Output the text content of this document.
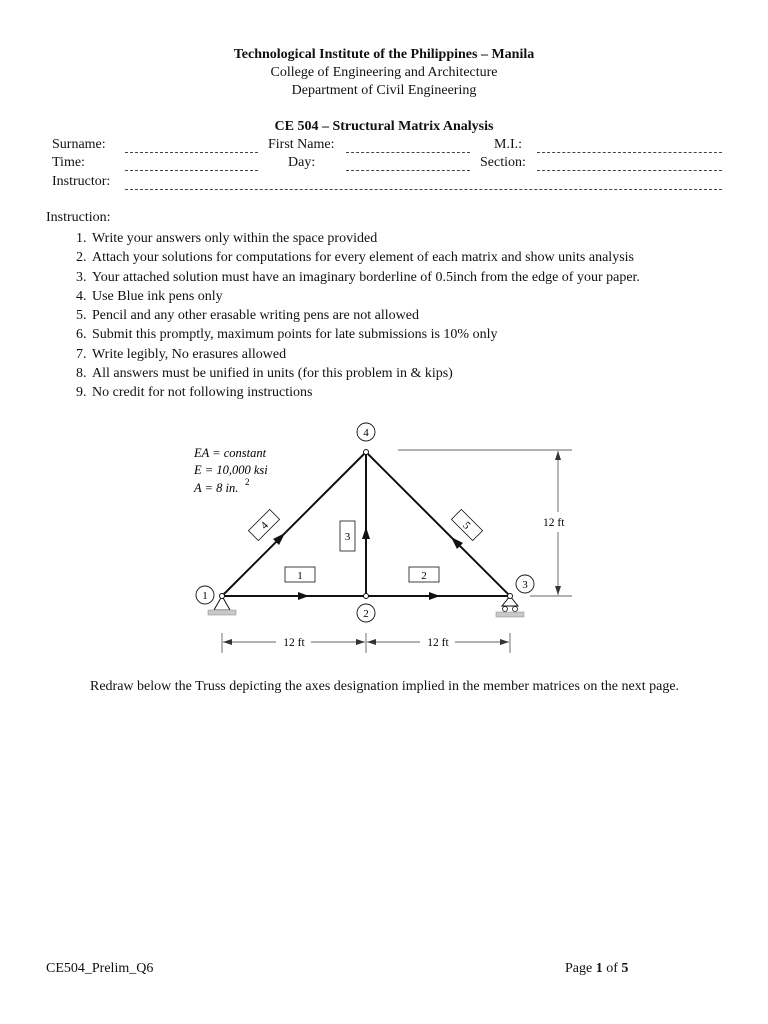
Technological Institute of the Philippines – Manila
College of Engineering and Architecture
Department of Civil Engineering
CE 504 – Structural Matrix Analysis
Surname:	First Name:	M.I.:
Time:	Day:	Section:
Instructor:
Instruction:
1. Write your answers only within the space provided
2. Attach your solutions for computations for every element of each matrix and show units analysis
3. Your attached solution must have an imaginary borderline of 0.5inch from the edge of your paper.
4. Use Blue ink pens only
5. Pencil and any other erasable writing pens are not allowed
6. Submit this promptly, maximum points for late submissions is 10% only
7. Write legibly, No erasures allowed
8. All answers must be unified in units (for this problem in & kips)
9. No credit for not following instructions
EA = constant
E = 10,000 ksi
A = 8 in. 2
1	2
3
4	5
1
2
3
4
12 ft
12 ft	12 ft
Redraw below the Truss depicting the axes designation implied in the member matrices on the next page.
CE504_Prelim_Q6	Page 1 of 5
